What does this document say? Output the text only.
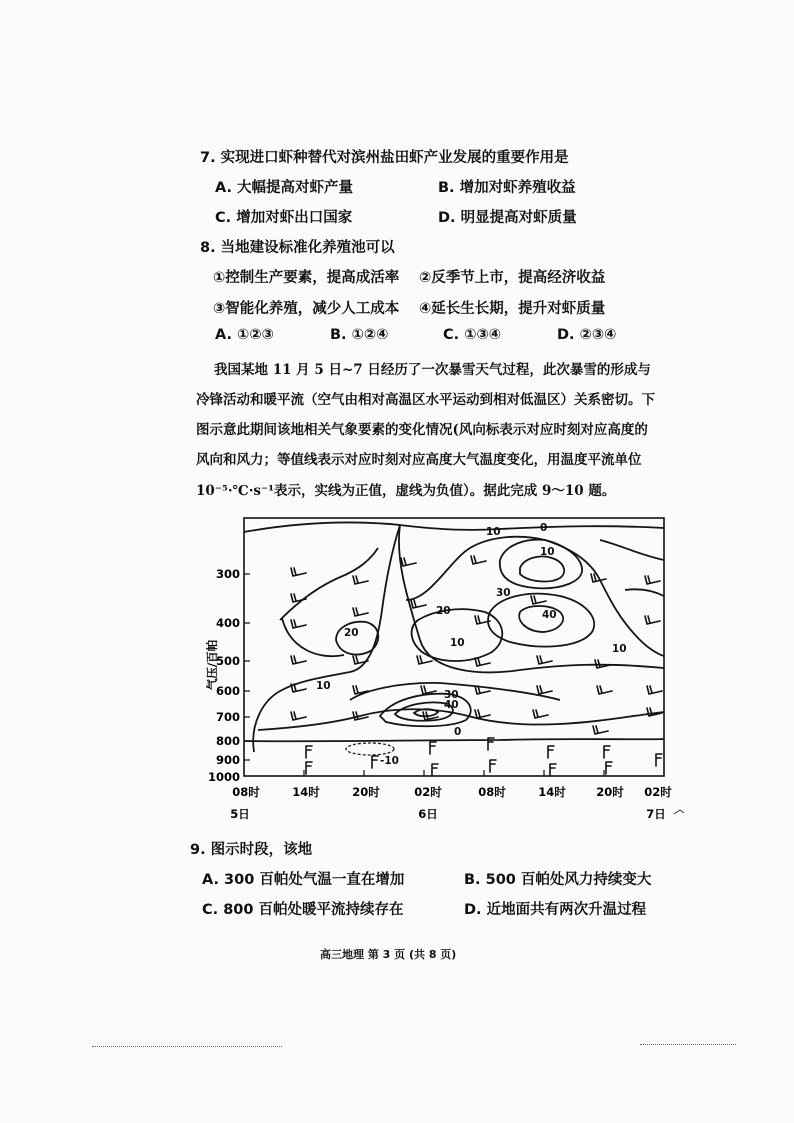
7. 实现进口虾种替代对滨州盐田虾产业发展的重要作用是
A. 大幅提高对虾产量	B. 增加对虾养殖收益
C. 增加对虾出口国家	D. 明显提高对虾质量
8. 当地建设标准化养殖池可以
①控制生产要素，提高成活率 ②反季节上市，提高经济收益
③智能化养殖，减少人工成本 ④延长生长期，提升对虾质量
A. ①②③	B. ①②④	C. ①③④	D. ②③④
我国某地 11 月 5 日~7 日经历了一次暴雪天气过程，此次暴雪的形成与
冷锋活动和暖平流（空气由相对高温区水平运动到相对低温区）关系密切。下
图示意此期间该地相关气象要素的变化情况(风向标表示对应时刻对应高度的
风向和风力；等值线表示对应时刻对应高度大气温度变化，用温度平流单位
10⁻⁵·℃·s⁻¹表示，实线为正值，虚线为负值）。据此完成 9～10 题。
气压/百帕
300
400
500
600
700
800
900
1000
08时	14时	20时	02时	08时	14时	20时 02时
5日	6日	7日
10	0
10
30
20	40
20
10	10
10
30
40
0
-10
9. 图示时段，该地
A. 300 百帕处气温一直在增加	B. 500 百帕处风力持续变大
C. 800 百帕处暖平流持续存在	D. 近地面共有两次升温过程
高三地理 第 3 页 (共 8 页)
